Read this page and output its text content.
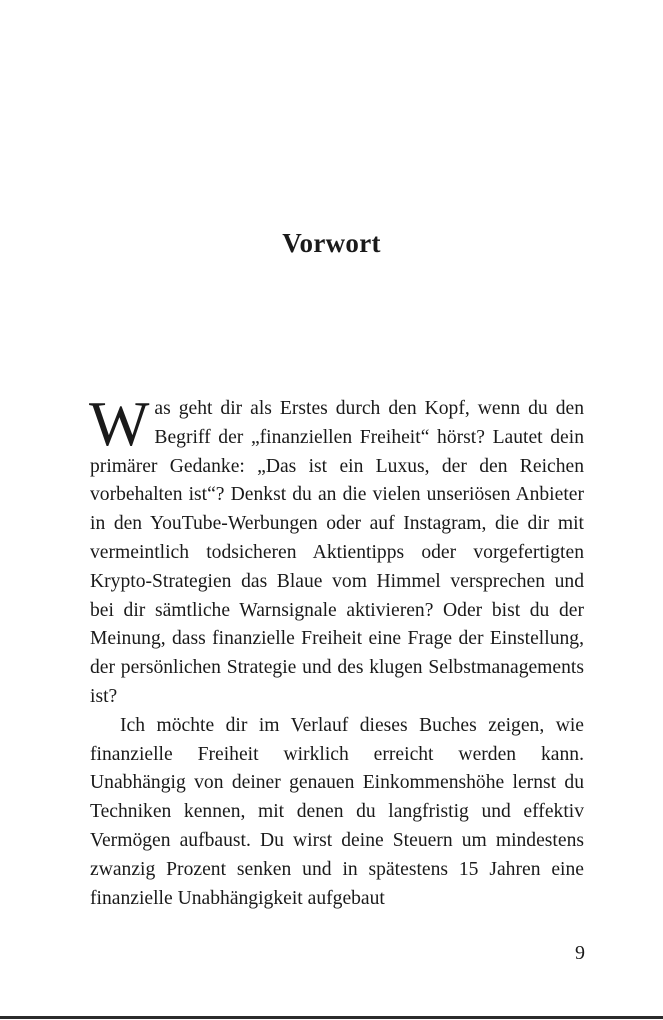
Vorwort

Was geht dir als Erstes durch den Kopf, wenn du den Begriff der „finanziellen Freiheit“ hörst? Lautet dein primärer Gedanke: „Das ist ein Luxus, der den Reichen vorbehalten ist“? Denkst du an die vielen unseriösen Anbieter in den YouTube-Werbungen oder auf Instagram, die dir mit vermeintlich todsicheren Aktientipps oder vorgefertigten Krypto-Strategien das Blaue vom Himmel versprechen und bei dir sämtliche Warnsignale aktivieren? Oder bist du der Meinung, dass finanzielle Freiheit eine Frage der Einstellung, der persönlichen Strategie und des klugen Selbstmanagements ist?

Ich möchte dir im Verlauf dieses Buches zeigen, wie finanzielle Freiheit wirklich erreicht werden kann. Unabhängig von deiner genauen Einkommenshöhe lernst du Techniken kennen, mit denen du langfristig und effektiv Vermögen aufbaust. Du wirst deine Steuern um mindestens zwanzig Prozent senken und in spätestens 15 Jahren eine finanzielle Unabhängigkeit aufgebaut

9
